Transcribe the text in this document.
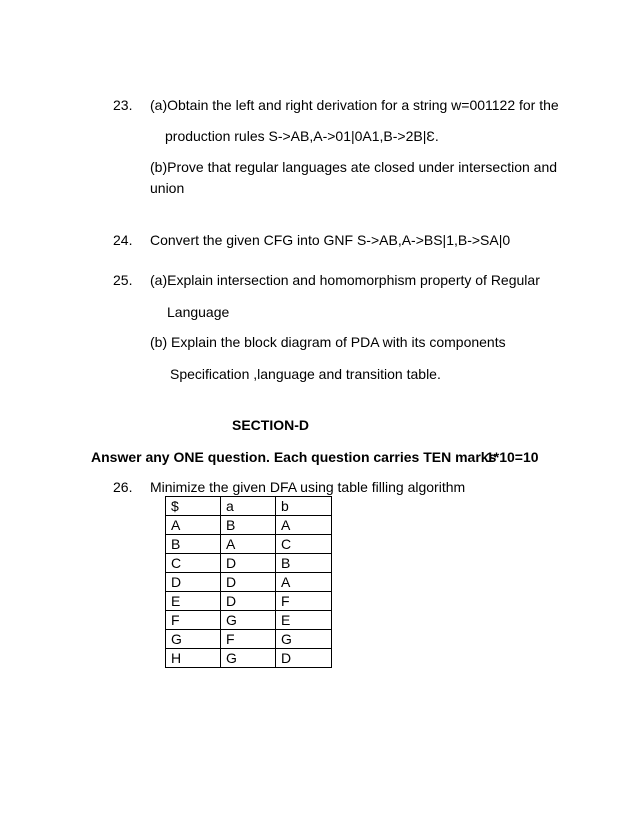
23. (a)Obtain the left and right derivation for a string w=001122 for the
production rules S->AB,A->01|0A1,B->2B|Ɛ.
(b)Prove that regular languages ate closed under intersection and
union
24. Convert the given CFG into GNF S->AB,A->BS|1,B->SA|0
25. (a)Explain intersection and homomorphism property of Regular
Language
(b) Explain the block diagram of PDA with its components
Specification ,language and transition table.
SECTION-D
Answer any ONE question. Each question carries TEN marks
1*10=10
26. Minimize the given DFA using table filling algorithm
$	a	b
A	B	A
B	A	C
C	D	B
D	D	A
E	D	F
F	G	E
G	F	G
H	G	D
